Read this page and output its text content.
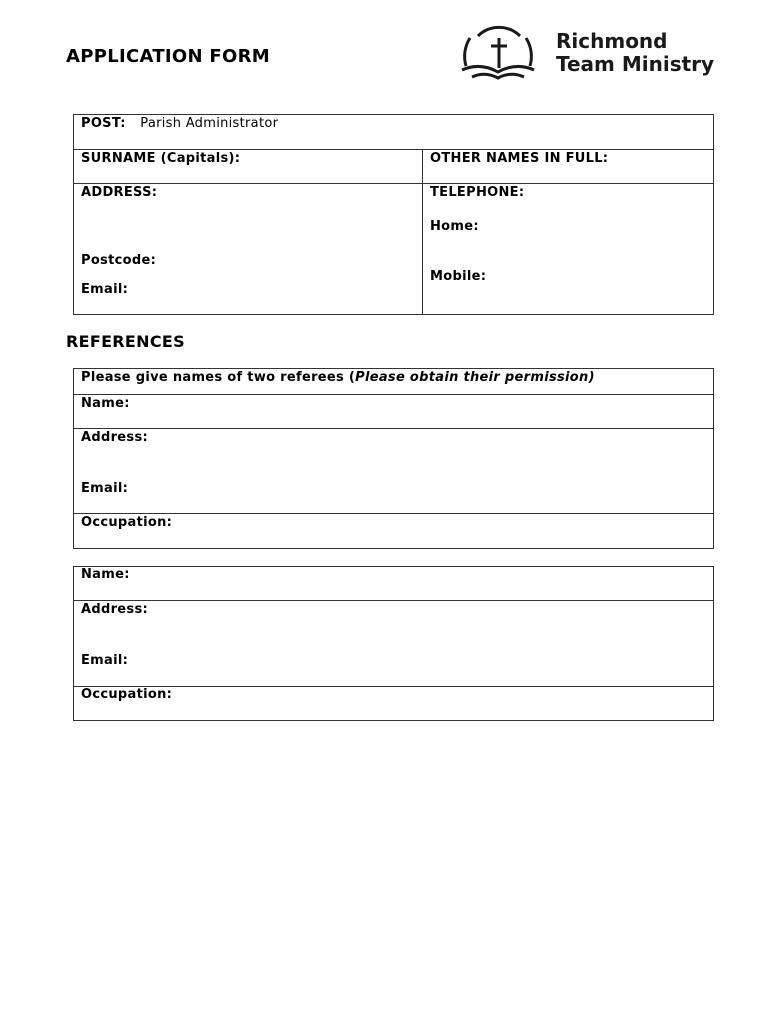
APPLICATION FORM
Richmond
Team Ministry
POST: Parish Administrator
SURNAME (Capitals):	OTHER NAMES IN FULL:
ADDRESS:	TELEPHONE:
Home:
Postcode:
Mobile:
Email:
REFERENCES
Please give names of two referees (Please obtain their permission)
Name:
Address:
Email:
Occupation:
Name:
Address:
Email:
Occupation:
